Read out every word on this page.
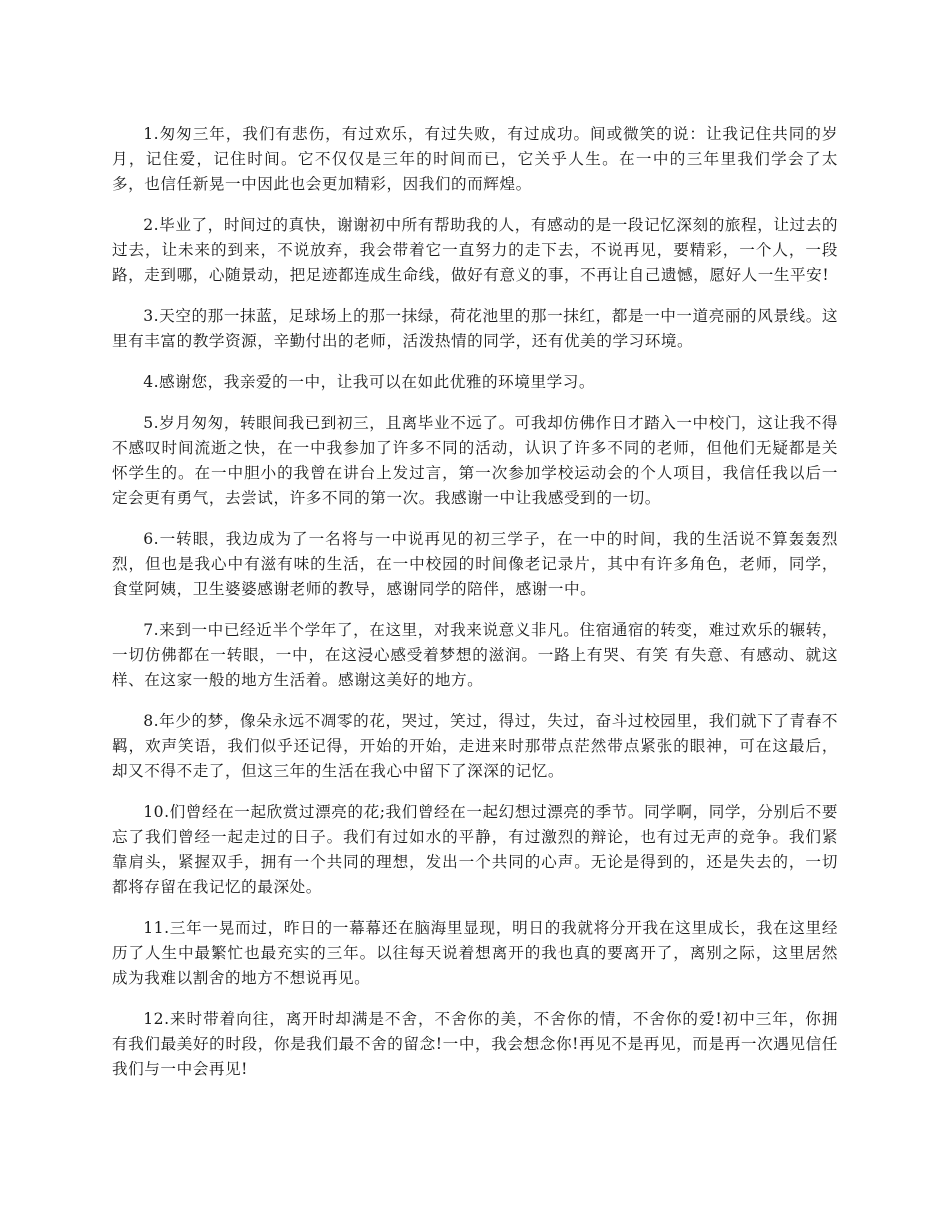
1.匆匆三年，我们有悲伤，有过欢乐，有过失败，有过成功。间或微笑的说：让我记住共同的岁月，记住爱，记住时间。它不仅仅是三年的时间而已，它关乎人生。在一中的三年里我们学会了太多，也信任新晃一中因此也会更加精彩，因我们的而辉煌。

2.毕业了，时间过的真快，谢谢初中所有帮助我的人，有感动的是一段记忆深刻的旅程，让过去的过去，让未来的到来，不说放弃，我会带着它一直努力的走下去，不说再见，要精彩，一个人，一段路，走到哪，心随景动，把足迹都连成生命线，做好有意义的事，不再让自己遗憾，愿好人一生平安!

3.天空的那一抹蓝，足球场上的那一抹绿，荷花池里的那一抹红，都是一中一道亮丽的风景线。这里有丰富的教学资源，辛勤付出的老师，活泼热情的同学，还有优美的学习环境。

4.感谢您，我亲爱的一中，让我可以在如此优雅的环境里学习。

5.岁月匆匆，转眼间我已到初三，且离毕业不远了。可我却仿佛作日才踏入一中校门，这让我不得不感叹时间流逝之快，在一中我参加了许多不同的活动，认识了许多不同的老师，但他们无疑都是关怀学生的。在一中胆小的我曾在讲台上发过言，第一次参加学校运动会的个人项目，我信任我以后一定会更有勇气，去尝试，许多不同的第一次。我感谢一中让我感受到的一切。

6.一转眼，我边成为了一名将与一中说再见的初三学子，在一中的时间，我的生活说不算轰轰烈烈，但也是我心中有滋有味的生活，在一中校园的时间像老记录片，其中有许多角色，老师，同学，食堂阿姨，卫生婆婆感谢老师的教导，感谢同学的陪伴，感谢一中。

7.来到一中已经近半个学年了，在这里，对我来说意义非凡。住宿通宿的转变，难过欢乐的辗转，一切仿佛都在一转眼，一中，在这浸心感受着梦想的滋润。一路上有哭、有笑 有失意、有感动、就这样、在这家一般的地方生活着。感谢这美好的地方。

8.年少的梦，像朵永远不凋零的花，哭过，笑过，得过，失过，奋斗过校园里，我们就下了青春不羁，欢声笑语，我们似乎还记得，开始的开始，走进来时那带点茫然带点紧张的眼神，可在这最后，却又不得不走了，但这三年的生活在我心中留下了深深的记忆。

10.们曾经在一起欣赏过漂亮的花;我们曾经在一起幻想过漂亮的季节。同学啊，同学，分别后不要忘了我们曾经一起走过的日子。我们有过如水的平静，有过激烈的辩论，也有过无声的竞争。我们紧靠肩头，紧握双手，拥有一个共同的理想，发出一个共同的心声。无论是得到的，还是失去的，一切都将存留在我记忆的最深处。

11.三年一晃而过，昨日的一幕幕还在脑海里显现，明日的我就将分开我在这里成长，我在这里经历了人生中最繁忙也最充实的三年。以往每天说着想离开的我也真的要离开了，离别之际，这里居然成为我难以割舍的地方不想说再见。

12.来时带着向往，离开时却满是不舍，不舍你的美，不舍你的情，不舍你的爱!初中三年，你拥有我们最美好的时段，你是我们最不舍的留念!一中，我会想念你!再见不是再见，而是再一次遇见信任我们与一中会再见!
